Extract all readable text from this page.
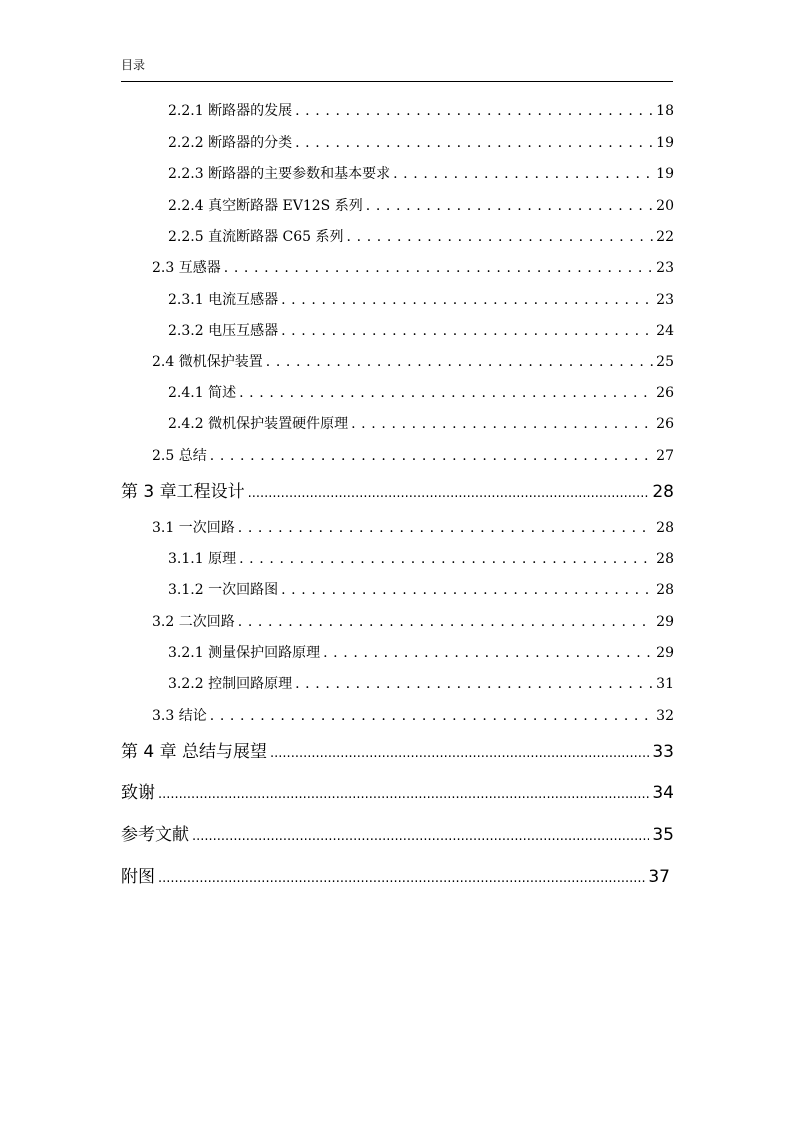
目录
2.2.1 断路器的发展 . . .	18
2.2.2 断路器的分类 . . .	19
2.2.3 断路器的主要参数和基本要求 . . .	19
2.2.4 真空断路器 EV12S 系列 . . .	20
2.2.5 直流断路器 C65 系列 . . .	22
2.3 互感器 . . .	23
2.3.1 电流互感器 . . .	23
2.3.2 电压互感器 . . .	24
2.4 微机保护装置 . . .	25
2.4.1 简述 . . .	26
2.4.2 微机保护装置硬件原理 . . .	26
2.5 总结 . . .	27
第 3 章工程设计 .....	28
3.1 一次回路 . . .	28
3.1.1 原理 . . .	28
3.1.2 一次回路图 . . .	28
3.2 二次回路 . . .	29
3.2.1 测量保护回路原理 . . .	29
3.2.2 控制回路原理 . . .	31
3.3 结论 . . .	32
第 4 章 总结与展望 .....	33
致谢 .....	34
参考文献 .....	35
附图 .....	37
